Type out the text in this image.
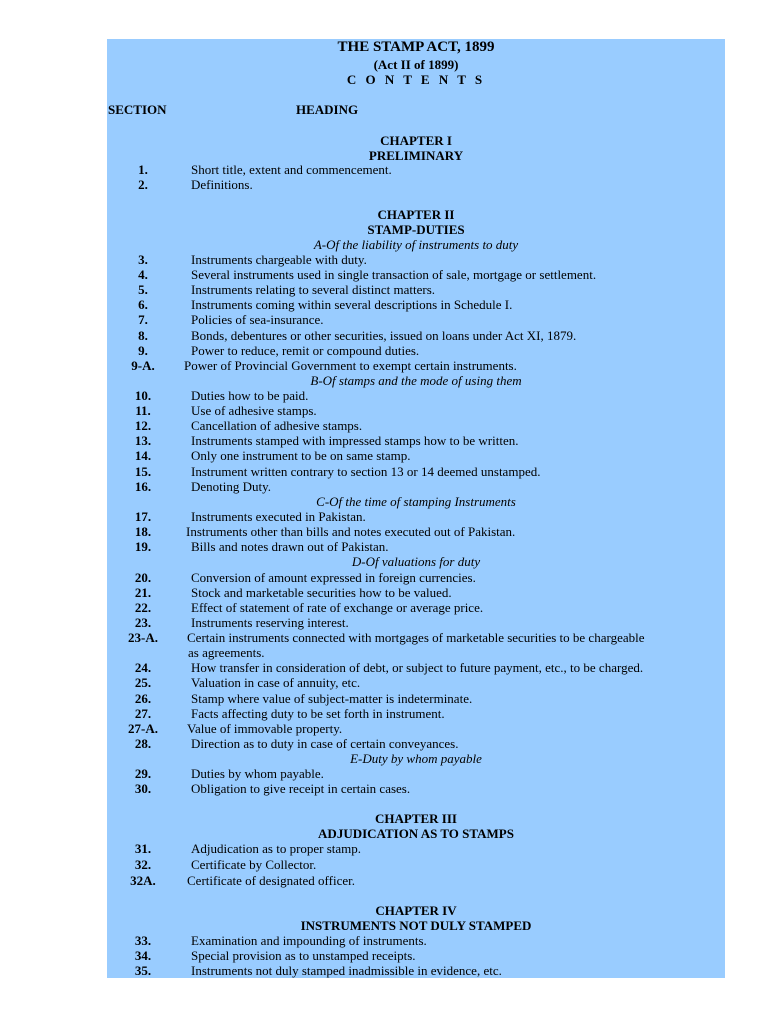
THE STAMP ACT, 1899
(Act II of 1899)
C O N T E N T S
SECTION	HEADING
CHAPTER I
PRELIMINARY
1.	Short title, extent and commencement.
2.	Definitions.
CHAPTER II
STAMP-DUTIES
A-Of the liability of instruments to duty
3.	Instruments chargeable with duty.
4.	Several instruments used in single transaction of sale, mortgage or settlement.
5.	Instruments relating to several distinct matters.
6.	Instruments coming within several descriptions in Schedule I.
7.	Policies of sea-insurance.
8.	Bonds, debentures or other securities, issued on loans under Act XI, 1879.
9.	Power to reduce, remit or compound duties.
9-A.	Power of Provincial Government to exempt certain instruments.
B-Of stamps and the mode of using them
10.	Duties how to be paid.
11.	Use of adhesive stamps.
12.	Cancellation of adhesive stamps.
13.	Instruments stamped with impressed stamps how to be written.
14.	Only one instrument to be on same stamp.
15.	Instrument written contrary to section 13 or 14 deemed unstamped.
16.	Denoting Duty.
C-Of the time of stamping Instruments
17.	Instruments executed in Pakistan.
18.	Instruments other than bills and notes executed out of Pakistan.
19.	Bills and notes drawn out of Pakistan.
D-Of valuations for duty
20.	Conversion of amount expressed in foreign currencies.
21.	Stock and marketable securities how to be valued.
22.	Effect of statement of rate of exchange or average price.
23.	Instruments reserving interest.
23-A.	Certain instruments connected with mortgages of marketable securities to be chargeable
as agreements.
24.	How transfer in consideration of debt, or subject to future payment, etc., to be charged.
25.	Valuation in case of annuity, etc.
26.	Stamp where value of subject-matter is indeterminate.
27.	Facts affecting duty to be set forth in instrument.
27-A.	Value of immovable property.
28.	Direction as to duty in case of certain conveyances.
E-Duty by whom payable
29.	Duties by whom payable.
30.	Obligation to give receipt in certain cases.
CHAPTER III
ADJUDICATION AS TO STAMPS
31.	Adjudication as to proper stamp.
32.	Certificate by Collector.
32A.	Certificate of designated officer.
CHAPTER IV
INSTRUMENTS NOT DULY STAMPED
33.	Examination and impounding of instruments.
34.	Special provision as to unstamped receipts.
35.	Instruments not duly stamped inadmissible in evidence, etc.
